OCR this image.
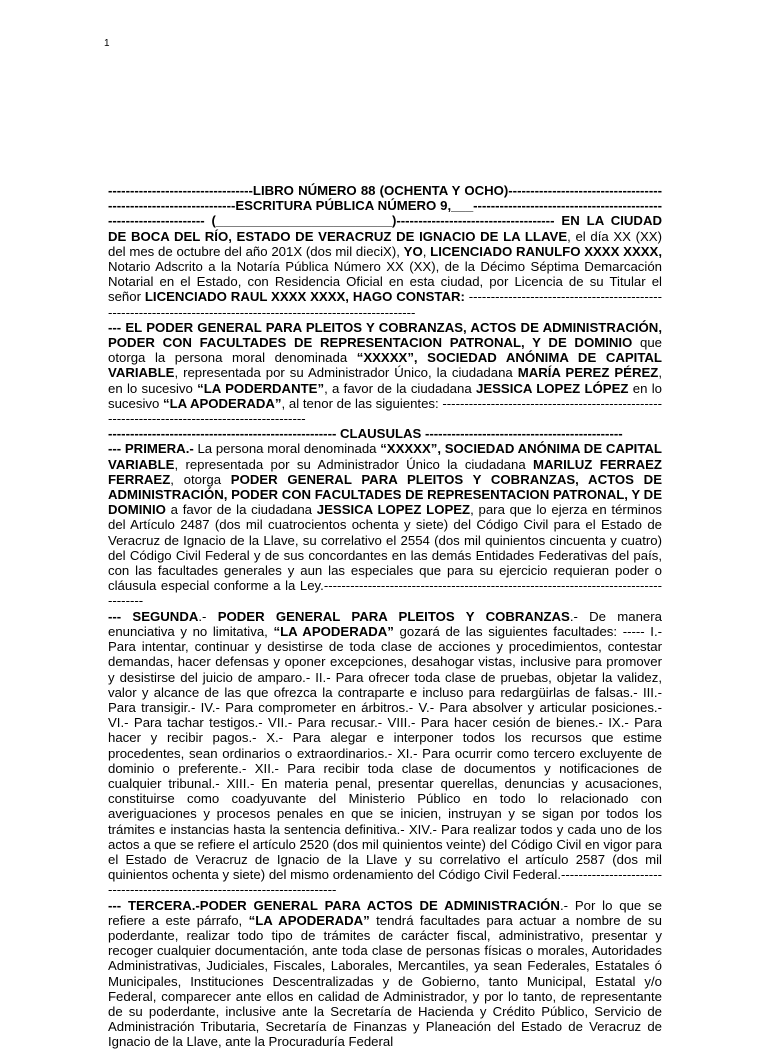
1

---------------------------------LIBRO NÚMERO 88 (OCHENTA Y OCHO)----------------------------------------------------------------ESCRITURA PÚBLICA NÚMERO 9,___----------------------------------------------------------------- (________________________)------------------------------------ EN LA CIUDAD DE BOCA DEL RÍO, ESTADO DE VERACRUZ DE IGNACIO DE LA LLAVE, el día XX (XX) del mes de octubre del año 201X (dos mil dieciX), YO, LICENCIADO RANULFO XXXX XXXX, Notario Adscrito a la Notaría Pública Número XX (XX), de la Décimo Séptima Demarcación Notarial en el Estado, con Residencia Oficial en esta ciudad, por Licencia de su Titular el señor LICENCIADO RAUL XXXX XXXX, HAGO CONSTAR: ------------------------------------------------------------------------------------------------------------------

--- EL PODER GENERAL PARA PLEITOS Y COBRANZAS, ACTOS DE ADMINISTRACIÓN, PODER CON FACULTADES DE REPRESENTACION PATRONAL, Y DE DOMINIO que otorga la persona moral denominada “XXXXX”, SOCIEDAD ANÓNIMA DE CAPITAL VARIABLE, representada por su Administrador Único, la ciudadana MARÍA PEREZ PÉREZ, en lo sucesivo “LA PODERDANTE”, a favor de la ciudadana JESSICA LOPEZ LÓPEZ en lo sucesivo “LA APODERADA”, al tenor de las siguientes: -----------------------------------------------------------------------------------------------

---------------------------------------------------- CLAUSULAS ---------------------------------------------

--- PRIMERA.- La persona moral denominada “XXXXX”, SOCIEDAD ANÓNIMA DE CAPITAL VARIABLE, representada por su Administrador Único la ciudadana MARILUZ FERRAEZ FERRAEZ, otorga PODER GENERAL PARA PLEITOS Y COBRANZAS, ACTOS DE ADMINISTRACIÓN, PODER CON FACULTADES DE REPRESENTACION PATRONAL, Y DE DOMINIO a favor de la ciudadana JESSICA LOPEZ LOPEZ, para que lo ejerza en términos del Artículo 2487 (dos mil cuatrocientos ochenta y siete) del Código Civil para el Estado de Veracruz de Ignacio de la Llave, su correlativo el 2554 (dos mil quinientos cincuenta y cuatro) del Código Civil Federal y de sus concordantes en las demás Entidades Federativas del país, con las facultades generales y aun las especiales que para su ejercicio requieran poder o cláusula especial conforme a la Ley.-------------------------------------------------------------------------------------

--- SEGUNDA.- PODER GENERAL PARA PLEITOS Y COBRANZAS.- De manera enunciativa y no limitativa, “LA APODERADA” gozará de las siguientes facultades: ----- I.- Para intentar, continuar y desistirse de toda clase de acciones y procedimientos, contestar demandas, hacer defensas y oponer excepciones, desahogar vistas, inclusive para promover y desistirse del juicio de amparo.- II.- Para ofrecer toda clase de pruebas, objetar la validez, valor y alcance de las que ofrezca la contraparte e incluso para redargüirlas de falsas.- III.- Para transigir.- IV.- Para comprometer en árbitros.- V.- Para absolver y articular posiciones.- VI.- Para tachar testigos.- VII.- Para recusar.- VIII.- Para hacer cesión de bienes.- IX.- Para hacer y recibir pagos.- X.- Para alegar e interponer todos los recursos que estime procedentes, sean ordinarios o extraordinarios.- XI.- Para ocurrir como tercero excluyente de dominio o preferente.- XII.- Para recibir toda clase de documentos y notificaciones de cualquier tribunal.- XIII.- En materia penal, presentar querellas, denuncias y acusaciones, constituirse como coadyuvante del Ministerio Público en todo lo relacionado con averiguaciones y procesos penales en que se inicien, instruyan y se sigan por todos los trámites e instancias hasta la sentencia definitiva.- XIV.- Para realizar todos y cada uno de los actos a que se refiere el artículo 2520 (dos mil quinientos veinte) del Código Civil en vigor para el Estado de Veracruz de Ignacio de la Llave y su correlativo el artículo 2587 (dos mil quinientos ochenta y siete) del mismo ordenamiento del Código Civil Federal.---------------------------------------------------------------------------

--- TERCERA.-PODER GENERAL PARA ACTOS DE ADMINISTRACIÓN.- Por lo que se refiere a este párrafo, “LA APODERADA” tendrá facultades para actuar a nombre de su poderdante, realizar todo tipo de trámites de carácter fiscal, administrativo, presentar y recoger cualquier documentación, ante toda clase de personas físicas o morales, Autoridades Administrativas, Judiciales, Fiscales, Laborales, Mercantiles, ya sean Federales, Estatales ó Municipales, Instituciones Descentralizadas y de Gobierno, tanto Municipal, Estatal y/o Federal, comparecer ante ellos en calidad de Administrador, y por lo tanto, de representante de su poderdante, inclusive ante la Secretaría de Hacienda y Crédito Público, Servicio de Administración Tributaria, Secretaría de Finanzas y Planeación del Estado de Veracruz de Ignacio de la Llave, ante la Procuraduría Federal
